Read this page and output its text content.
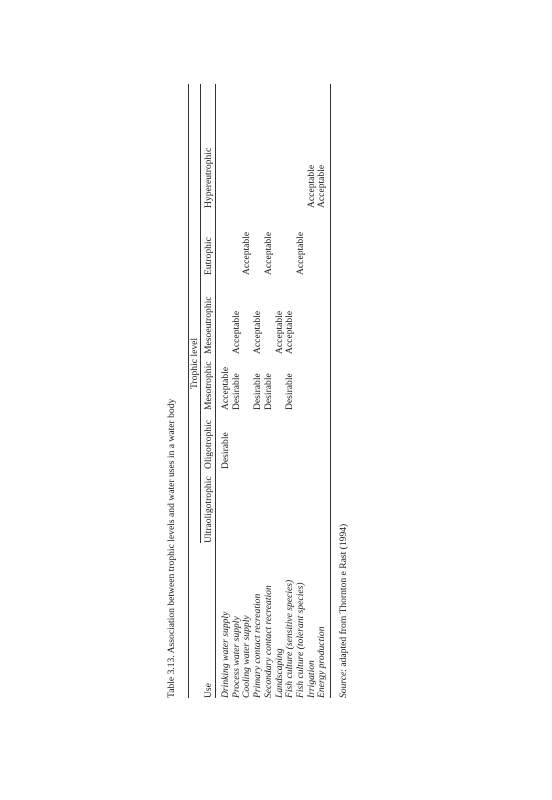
Table 3.13. Association between trophic levels and water uses in a water body
Trophic level
Use
Ultraoligotrophic
Oligotrophic
Mesotrophic
Mesoeutrophic
Eutrophic
Hypereutrophic
Drinking water supply
Desirable
Acceptable
Process water supply
Desirable
Acceptable
Cooling water supply
Acceptable
Primary contact recreation
Desirable
Acceptable
Secondary contact recreation
Desirable
Acceptable
Landscaping
Acceptable
Fish culture (sensitive species)
Desirable
Acceptable
Fish culture (tolerant species)
Acceptable
Irrigation
Acceptable
Energy production
Acceptable
Source: adapted from Thornton e Rast (1994)
